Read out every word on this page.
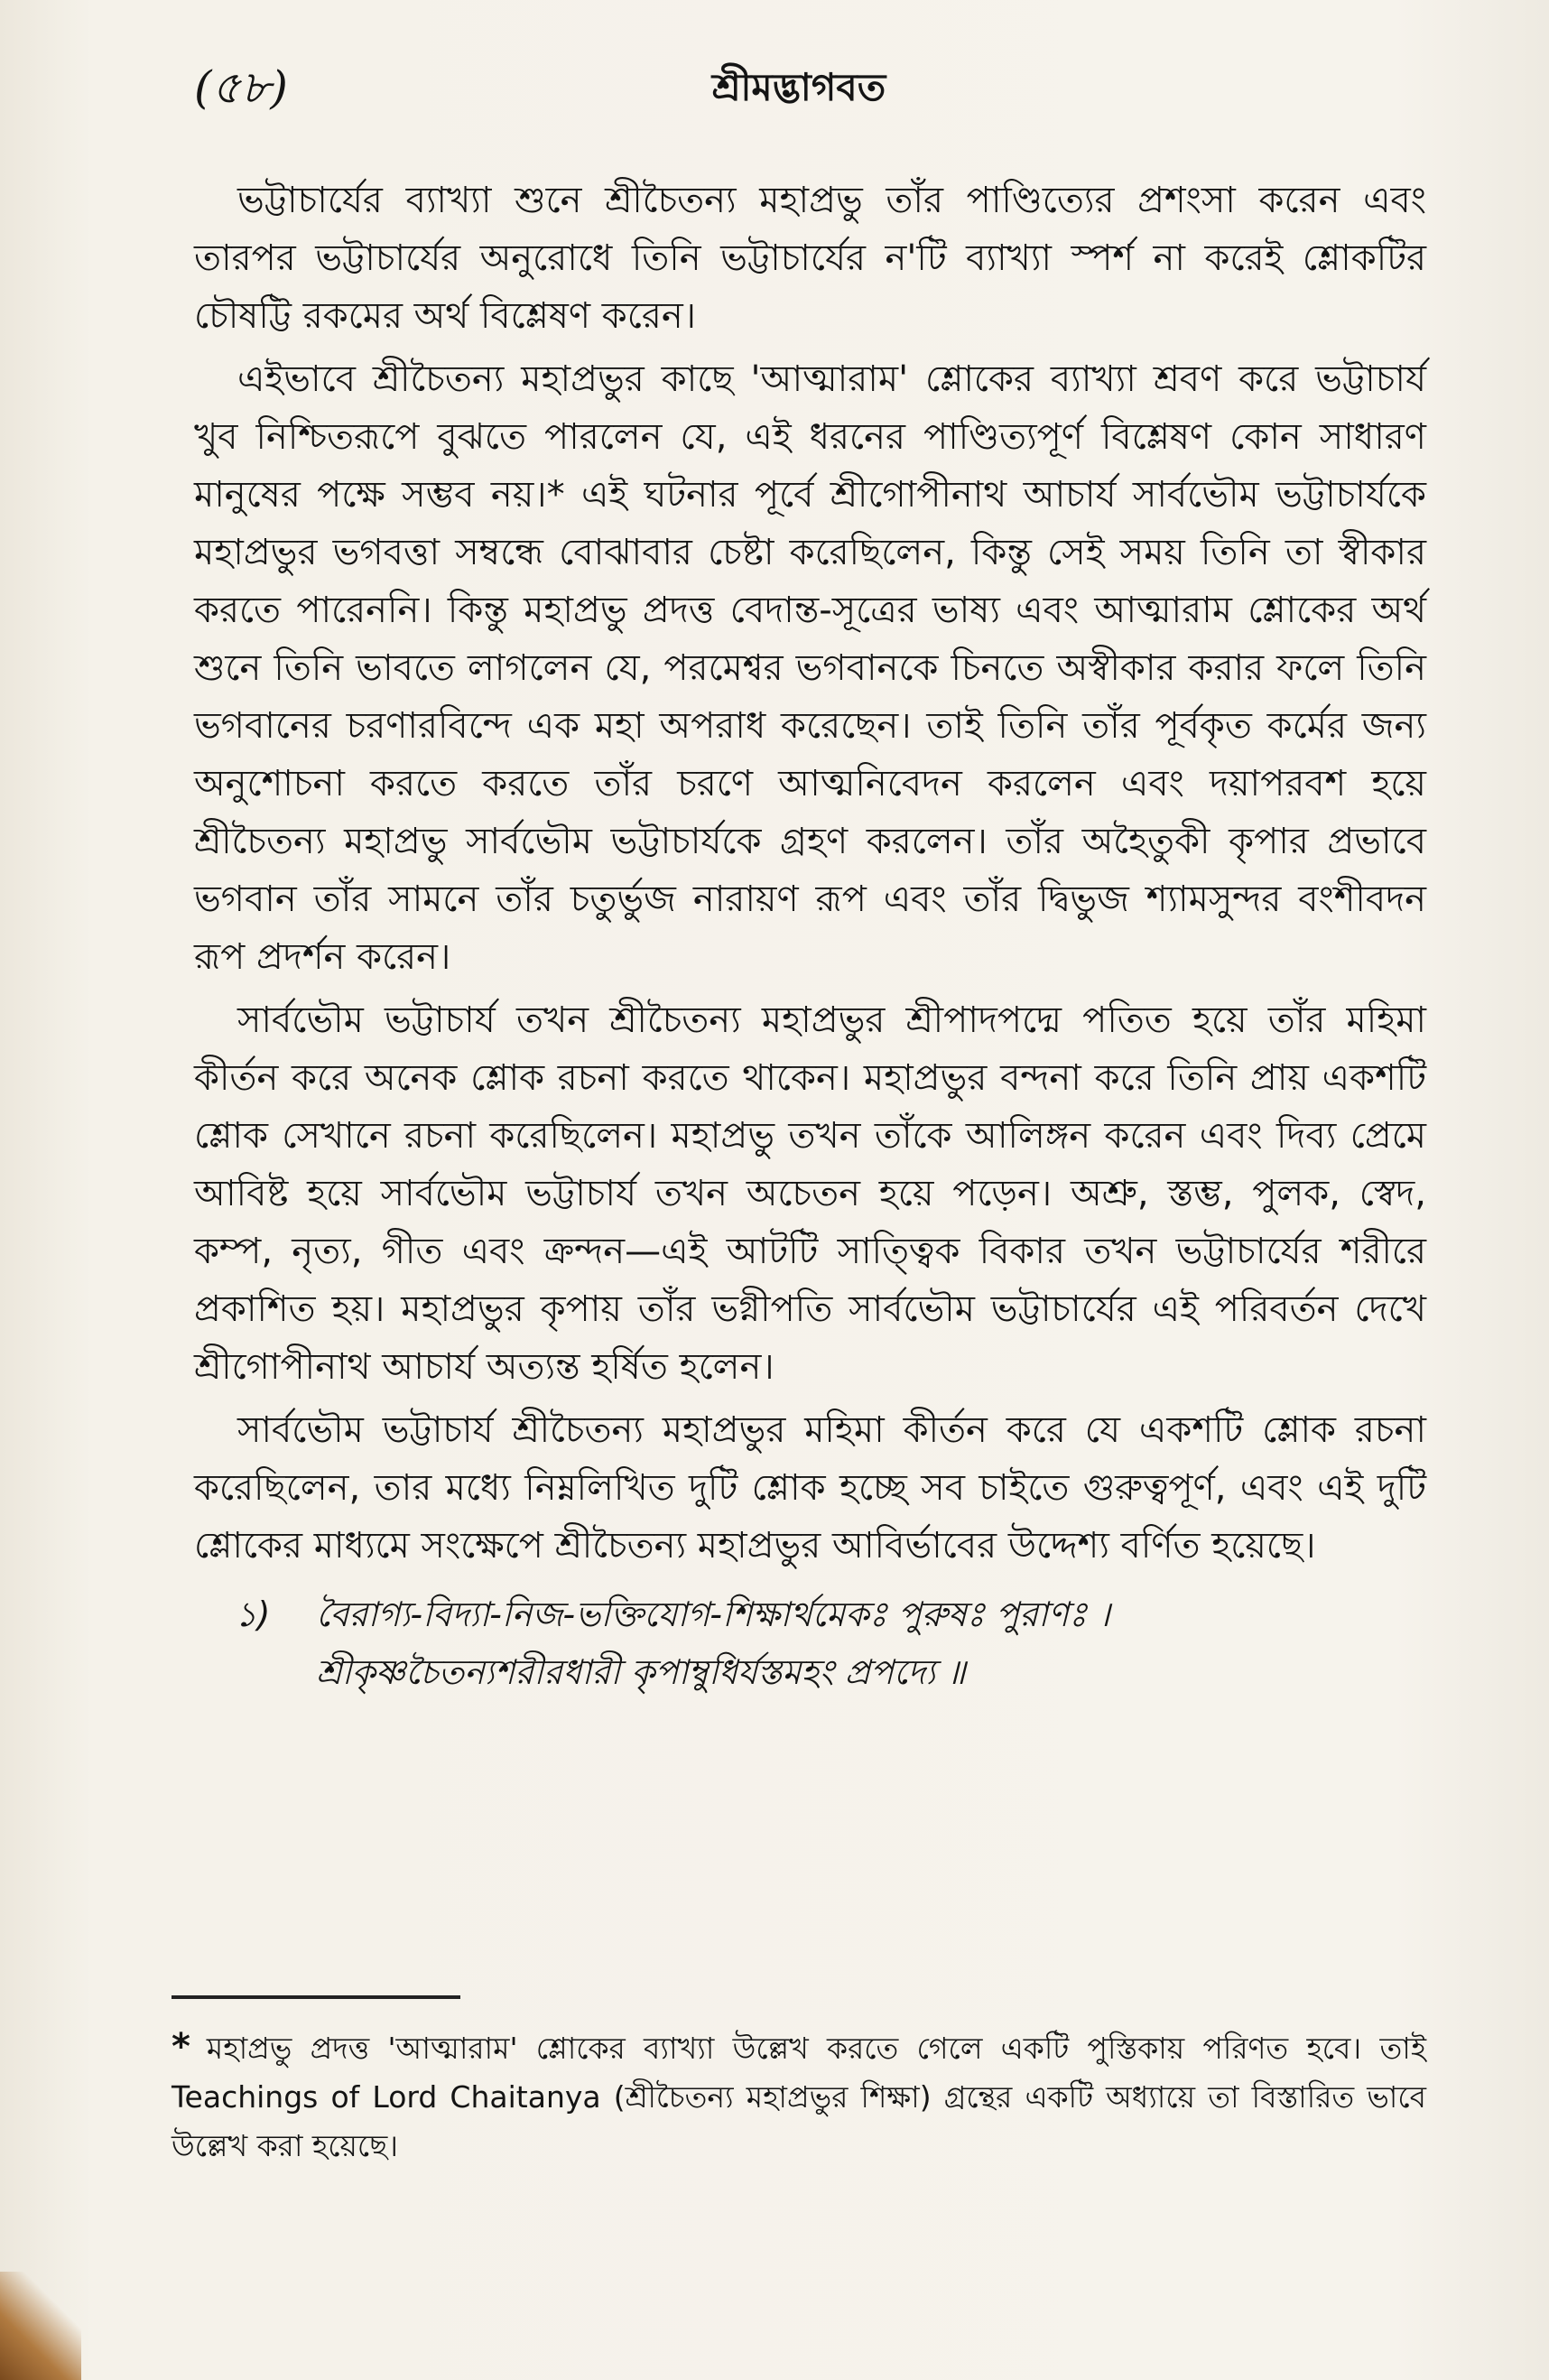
(৫৮)	শ্রীমদ্ভাগবত

ভট্টাচার্যের ব্যাখ্যা শুনে শ্রীচৈতন্য মহাপ্রভু তাঁর পাণ্ডিত্যের প্রশংসা করেন এবং তারপর ভট্টাচার্যের অনুরোধে তিনি ভট্টাচার্যের ন'টি ব্যাখ্যা স্পর্শ না করেই শ্লোকটির চৌষট্টি রকমের অর্থ বিশ্লেষণ করেন।

এইভাবে শ্রীচৈতন্য মহাপ্রভুর কাছে 'আত্মারাম' শ্লোকের ব্যাখ্যা শ্রবণ করে ভট্টাচার্য খুব নিশ্চিতরূপে বুঝতে পারলেন যে, এই ধরনের পাণ্ডিত্যপূর্ণ বিশ্লেষণ কোন সাধারণ মানুষের পক্ষে সম্ভব নয়।* এই ঘটনার পূর্বে শ্রীগোপীনাথ আচার্য সার্বভৌম ভট্টাচার্যকে মহাপ্রভুর ভগবত্তা সম্বন্ধে বোঝাবার চেষ্টা করেছিলেন, কিন্তু সেই সময় তিনি তা স্বীকার করতে পারেননি। কিন্তু মহাপ্রভু প্রদত্ত বেদান্ত-সূত্রের ভাষ্য এবং আত্মারাম শ্লোকের অর্থ শুনে তিনি ভাবতে লাগলেন যে, পরমেশ্বর ভগবানকে চিনতে অস্বীকার করার ফলে তিনি ভগবানের চরণারবিন্দে এক মহা অপরাধ করেছেন। তাই তিনি তাঁর পূর্বকৃত কর্মের জন্য অনুশোচনা করতে করতে তাঁর চরণে আত্মনিবেদন করলেন এবং দয়াপরবশ হয়ে শ্রীচৈতন্য মহাপ্রভু সার্বভৌম ভট্টাচার্যকে গ্রহণ করলেন। তাঁর অহৈতুকী কৃপার প্রভাবে ভগবান তাঁর সামনে তাঁর চতুর্ভুজ নারায়ণ রূপ এবং তাঁর দ্বিভুজ শ্যামসুন্দর বংশীবদন রূপ প্রদর্শন করেন।

সার্বভৌম ভট্টাচার্য তখন শ্রীচৈতন্য মহাপ্রভুর শ্রীপাদপদ্মে পতিত হয়ে তাঁর মহিমা কীর্তন করে অনেক শ্লোক রচনা করতে থাকেন। মহাপ্রভুর বন্দনা করে তিনি প্রায় একশটি শ্লোক সেখানে রচনা করেছিলেন। মহাপ্রভু তখন তাঁকে আলিঙ্গন করেন এবং দিব্য প্রেমে আবিষ্ট হয়ে সার্বভৌম ভট্টাচার্য তখন অচেতন হয়ে পড়েন। অশ্রু, স্তম্ভ, পুলক, স্বেদ, কম্প, নৃত্য, গীত এবং ক্রন্দন—এই আটটি সাত্ত্বিক বিকার তখন ভট্টাচার্যের শরীরে প্রকাশিত হয়। মহাপ্রভুর কৃপায় তাঁর ভগ্নীপতি সার্বভৌম ভট্টাচার্যের এই পরিবর্তন দেখে শ্রীগোপীনাথ আচার্য অত্যন্ত হর্ষিত হলেন।

সার্বভৌম ভট্টাচার্য শ্রীচৈতন্য মহাপ্রভুর মহিমা কীর্তন করে যে একশটি শ্লোক রচনা করেছিলেন, তার মধ্যে নিম্নলিখিত দুটি শ্লোক হচ্ছে সব চাইতে গুরুত্বপূর্ণ, এবং এই দুটি শ্লোকের মাধ্যমে সংক্ষেপে শ্রীচৈতন্য মহাপ্রভুর আবির্ভাবের উদ্দেশ্য বর্ণিত হয়েছে।

১)	বৈরাগ্য-বিদ্যা-নিজ-ভক্তিযোগ-শিক্ষার্থমেকঃ পুরুষঃ পুরাণঃ ।
শ্রীকৃষ্ণচৈতন্যশরীরধারী কৃপাম্বুধির্যস্তমহং প্রপদ্যে ॥
* মহাপ্রভু প্রদত্ত 'আত্মারাম' শ্লোকের ব্যাখ্যা উল্লেখ করতে গেলে একটি পুস্তিকায় পরিণত হবে। তাই Teachings of Lord Chaitanya (শ্রীচৈতন্য মহাপ্রভুর শিক্ষা) গ্রন্থের একটি অধ্যায়ে তা বিস্তারিত ভাবে উল্লেখ করা হয়েছে।
